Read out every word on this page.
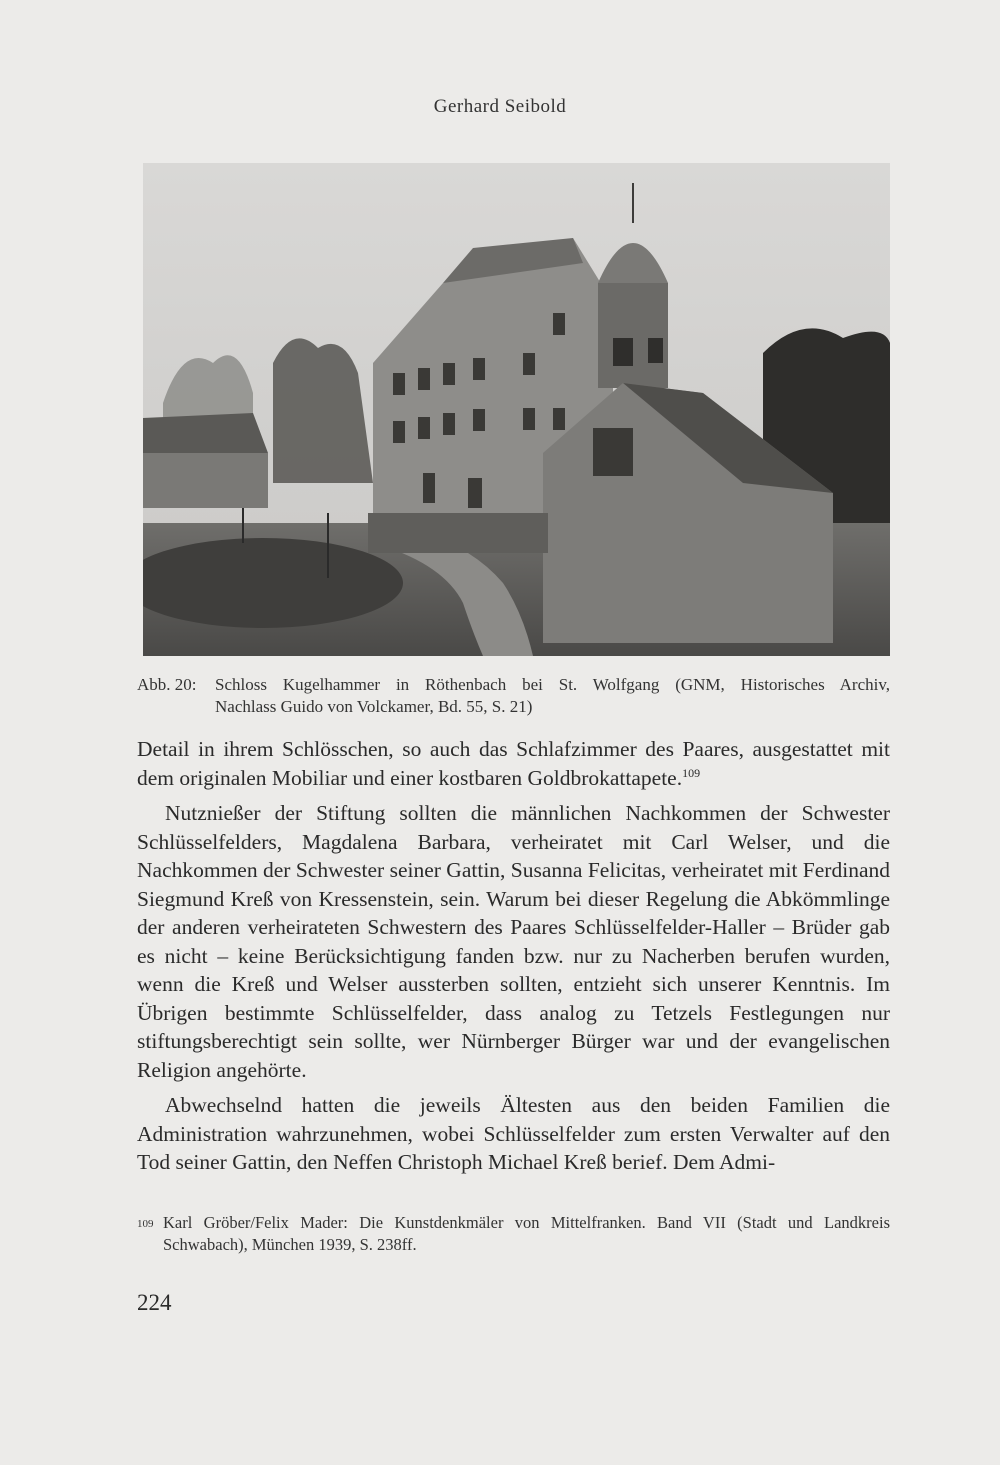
Gerhard Seibold
Abb. 20:	Schloss Kugelhammer in Röthenbach bei St. Wolfgang (GNM, Historisches Archiv,
Nachlass Guido von Volckamer, Bd. 55, S. 21)

Detail in ihrem Schlösschen, so auch das Schlafzimmer des Paares, ausgestattet mit dem originalen Mobiliar und einer kostbaren Goldbrokattapete.$^{109}$

Nutznießer der Stiftung sollten die männlichen Nachkommen der Schwester Schlüsselfelders, Magdalena Barbara, verheiratet mit Carl Welser, und die Nachkommen der Schwester seiner Gattin, Susanna Felicitas, verheiratet mit Ferdinand Siegmund Kreß von Kressenstein, sein. Warum bei dieser Regelung die Abkömmlinge der anderen verheirateten Schwestern des Paares Schlüsselfelder-Haller – Brüder gab es nicht – keine Berücksichtigung fanden bzw. nur zu Nacherben berufen wurden, wenn die Kreß und Welser aussterben sollten, entzieht sich unserer Kenntnis. Im Übrigen bestimmte Schlüsselfelder, dass analog zu Tetzels Festlegungen nur stiftungsberechtigt sein sollte, wer Nürnberger Bürger war und der evangelischen Religion angehörte.

Abwechselnd hatten die jeweils Ältesten aus den beiden Familien die Administration wahrzunehmen, wobei Schlüsselfelder zum ersten Verwalter auf den Tod seiner Gattin, den Neffen Christoph Michael Kreß berief. Dem Admi-

109 Karl Gröber/Felix Mader: Die Kunstdenkmäler von Mittelfranken. Band VII (Stadt und Landkreis Schwabach), München 1939, S. 238ff.
224
